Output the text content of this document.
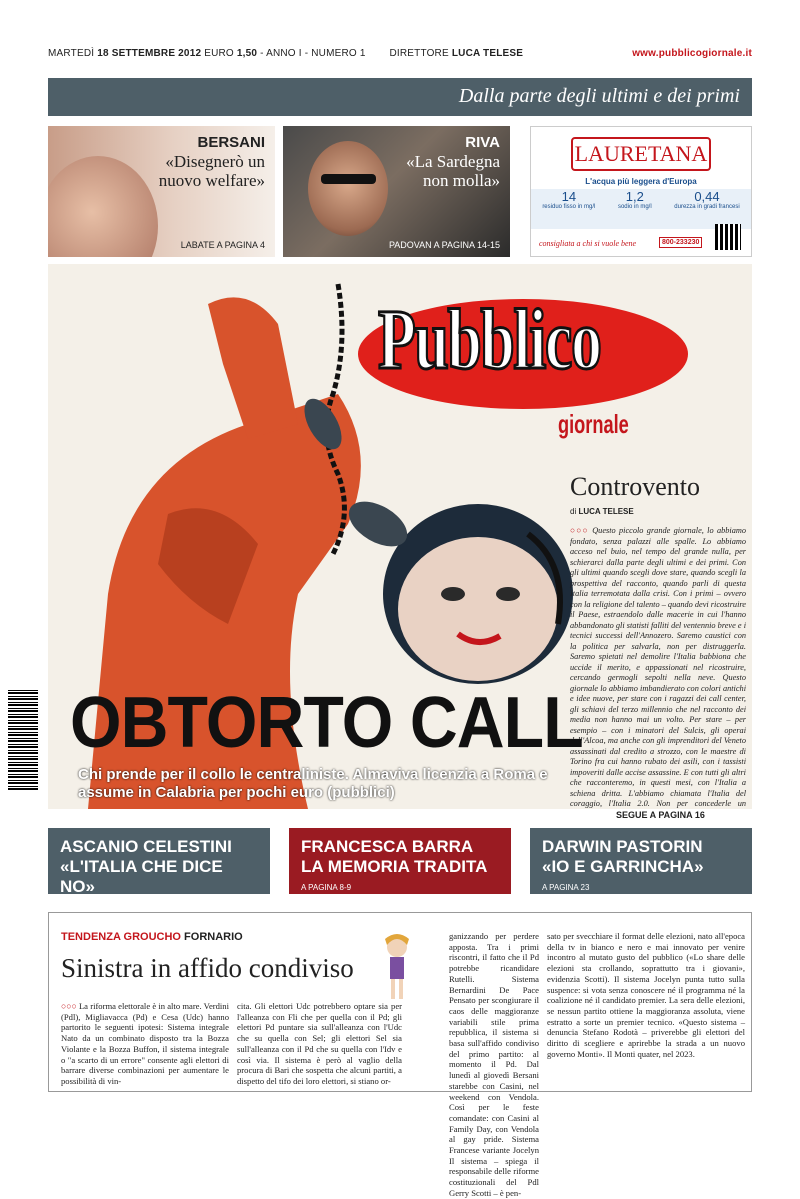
MARTEDÌ 18 SETTEMBRE 2012 EURO 1,50 - ANNO I - NUMERO 1 DIRETTORE LUCA TELESE	www.pubblicogiornale.it
Dalla parte degli ultimi e dei primi
BERSANI
«Disegnerò un nuovo welfare»
LABATE A PAGINA 4
RIVA
«La Sardegna non molla»
PADOVAN A PAGINA 14-15
LAURETANA
L'acqua più leggera d'Europa
14
residuo fisso in mg/l
1,2
sodio in mg/l
0,44
durezza in gradi francesi
consigliata a chi si vuole bene	800-233230
Pubblico
giornale
Controvento
di LUCA TELESE
○○○ Questo piccolo grande giornale, lo abbiamo fondato, senza palazzi alle spalle. Lo abbiamo acceso nel buio, nel tempo del grande nulla, per schierarci dalla parte degli ultimi e dei primi. Con gli ultimi quando scegli dove stare, quando scegli la prospettiva del racconto, quando parli di questa Italia terremotata dalla crisi. Con i primi – ovvero con la religione del talento – quando devi ricostruire il Paese, estraendolo dalle macerie in cui l'hanno abbandonato gli statisti falliti del ventennio breve e i tecnici successi dell'Annozero. Saremo caustici con la politica per salvarla, non per distruggerla. Saremo spietati nel demolire l'Italia babbiona che uccide il merito, e appassionati nel ricostruire, cercando germogli sepolti nella neve. Questo giornale lo abbiamo imbandierato con colori antichi e idee nuove, per stare con i ragazzi dei call center, gli schiavi del terzo millennio che nel racconto dei media non hanno mai un volto. Per stare – per esempio – con i minatori del Sulcis, gli operai dell'Alcoa, ma anche con gli imprenditori del Veneto assassinati dal credito a strozzo, con le maestre di Torino fra cui hanno rubato dei asili, con i tassisti impoveriti dalle accise assassine. E con tutti gli altri che racconteremo, in questi mesi, con l'Italia a schiena dritta. L'abbiamo chiamata l'Italia del coraggio, l'Italia 2.0. Non per concederle un
OBTORTO CALL
Chi prende per il collo le centraliniste. Almaviva licenzia a Roma e assume in Calabria per pochi euro (pubblici)
SEGUE A PAGINA 16
ASCANIO CELESTINI
«L'ITALIA CHE DICE NO»
A PAGINA 12-13
FRANCESCA BARRA
LA MEMORIA TRADITA
A PAGINA 8-9
DARWIN PASTORIN
«IO E GARRINCHA»
A PAGINA 23
TENDENZA GROUCHO FORNARIO
Sinistra in affido condiviso
○○○ La riforma elettorale è in alto mare. Verdini (Pdl), Migliavacca (Pd) e Cesa (Udc) hanno partorito le seguenti ipotesi: Sistema integrale Nato da un combinato disposto tra la Bozza Violante e la Bozza Buffon, il sistema integrale o "a scarto di un errore" consente agli elettori di barrare diverse combinazioni per aumentare le possibilità di vin-
cita. Gli elettori Udc potrebbero optare sia per l'alleanza con Fli che per quella con il Pd; gli elettori Pd puntare sia sull'alleanza con l'Udc che su quella con Sel; gli elettori Sel sia sull'alleanza con il Pd che su quella con l'Idv e così via. Il sistema è però al vaglio della procura di Bari che sospetta che alcuni partiti, a dispetto del tifo dei loro elettori, si stiano or-
ganizzando per perdere apposta. Tra i primi riscontri, il fatto che il Pd potrebbe ricandidare Rutelli. Sistema Bernardini De Pace Pensato per scongiurare il caos delle maggioranze variabili stile prima repubblica, il sistema si basa sull'affido condiviso del primo partito: al momento il Pd. Dal lunedì al giovedì Bersani starebbe con Casini, nel weekend con Vendola. Così per le feste comandate: con Casini al Family Day, con Vendola al gay pride. Sistema Francese variante Jocelyn Il sistema – spiega il responsabile delle riforme costituzionali del Pdl Gerry Scotti – è pen-
sato per svecchiare il format delle elezioni, nato all'epoca della tv in bianco e nero e mai innovato per venire incontro al mutato gusto del pubblico («Lo share delle elezioni sta crollando, soprattutto tra i giovani», evidenzia Scotti). Il sistema Jocelyn punta tutto sulla suspence: si vota senza conoscere né il programma né la coalizione né il candidato premier. La sera delle elezioni, se nessun partito ottiene la maggioranza assoluta, viene estratto a sorte un premier tecnico. «Questo sistema – denuncia Stefano Rodotà – priverebbe gli elettori del diritto di scegliere e aprirebbe la strada a un nuovo governo Monti». Il Monti quater, nel 2023.
